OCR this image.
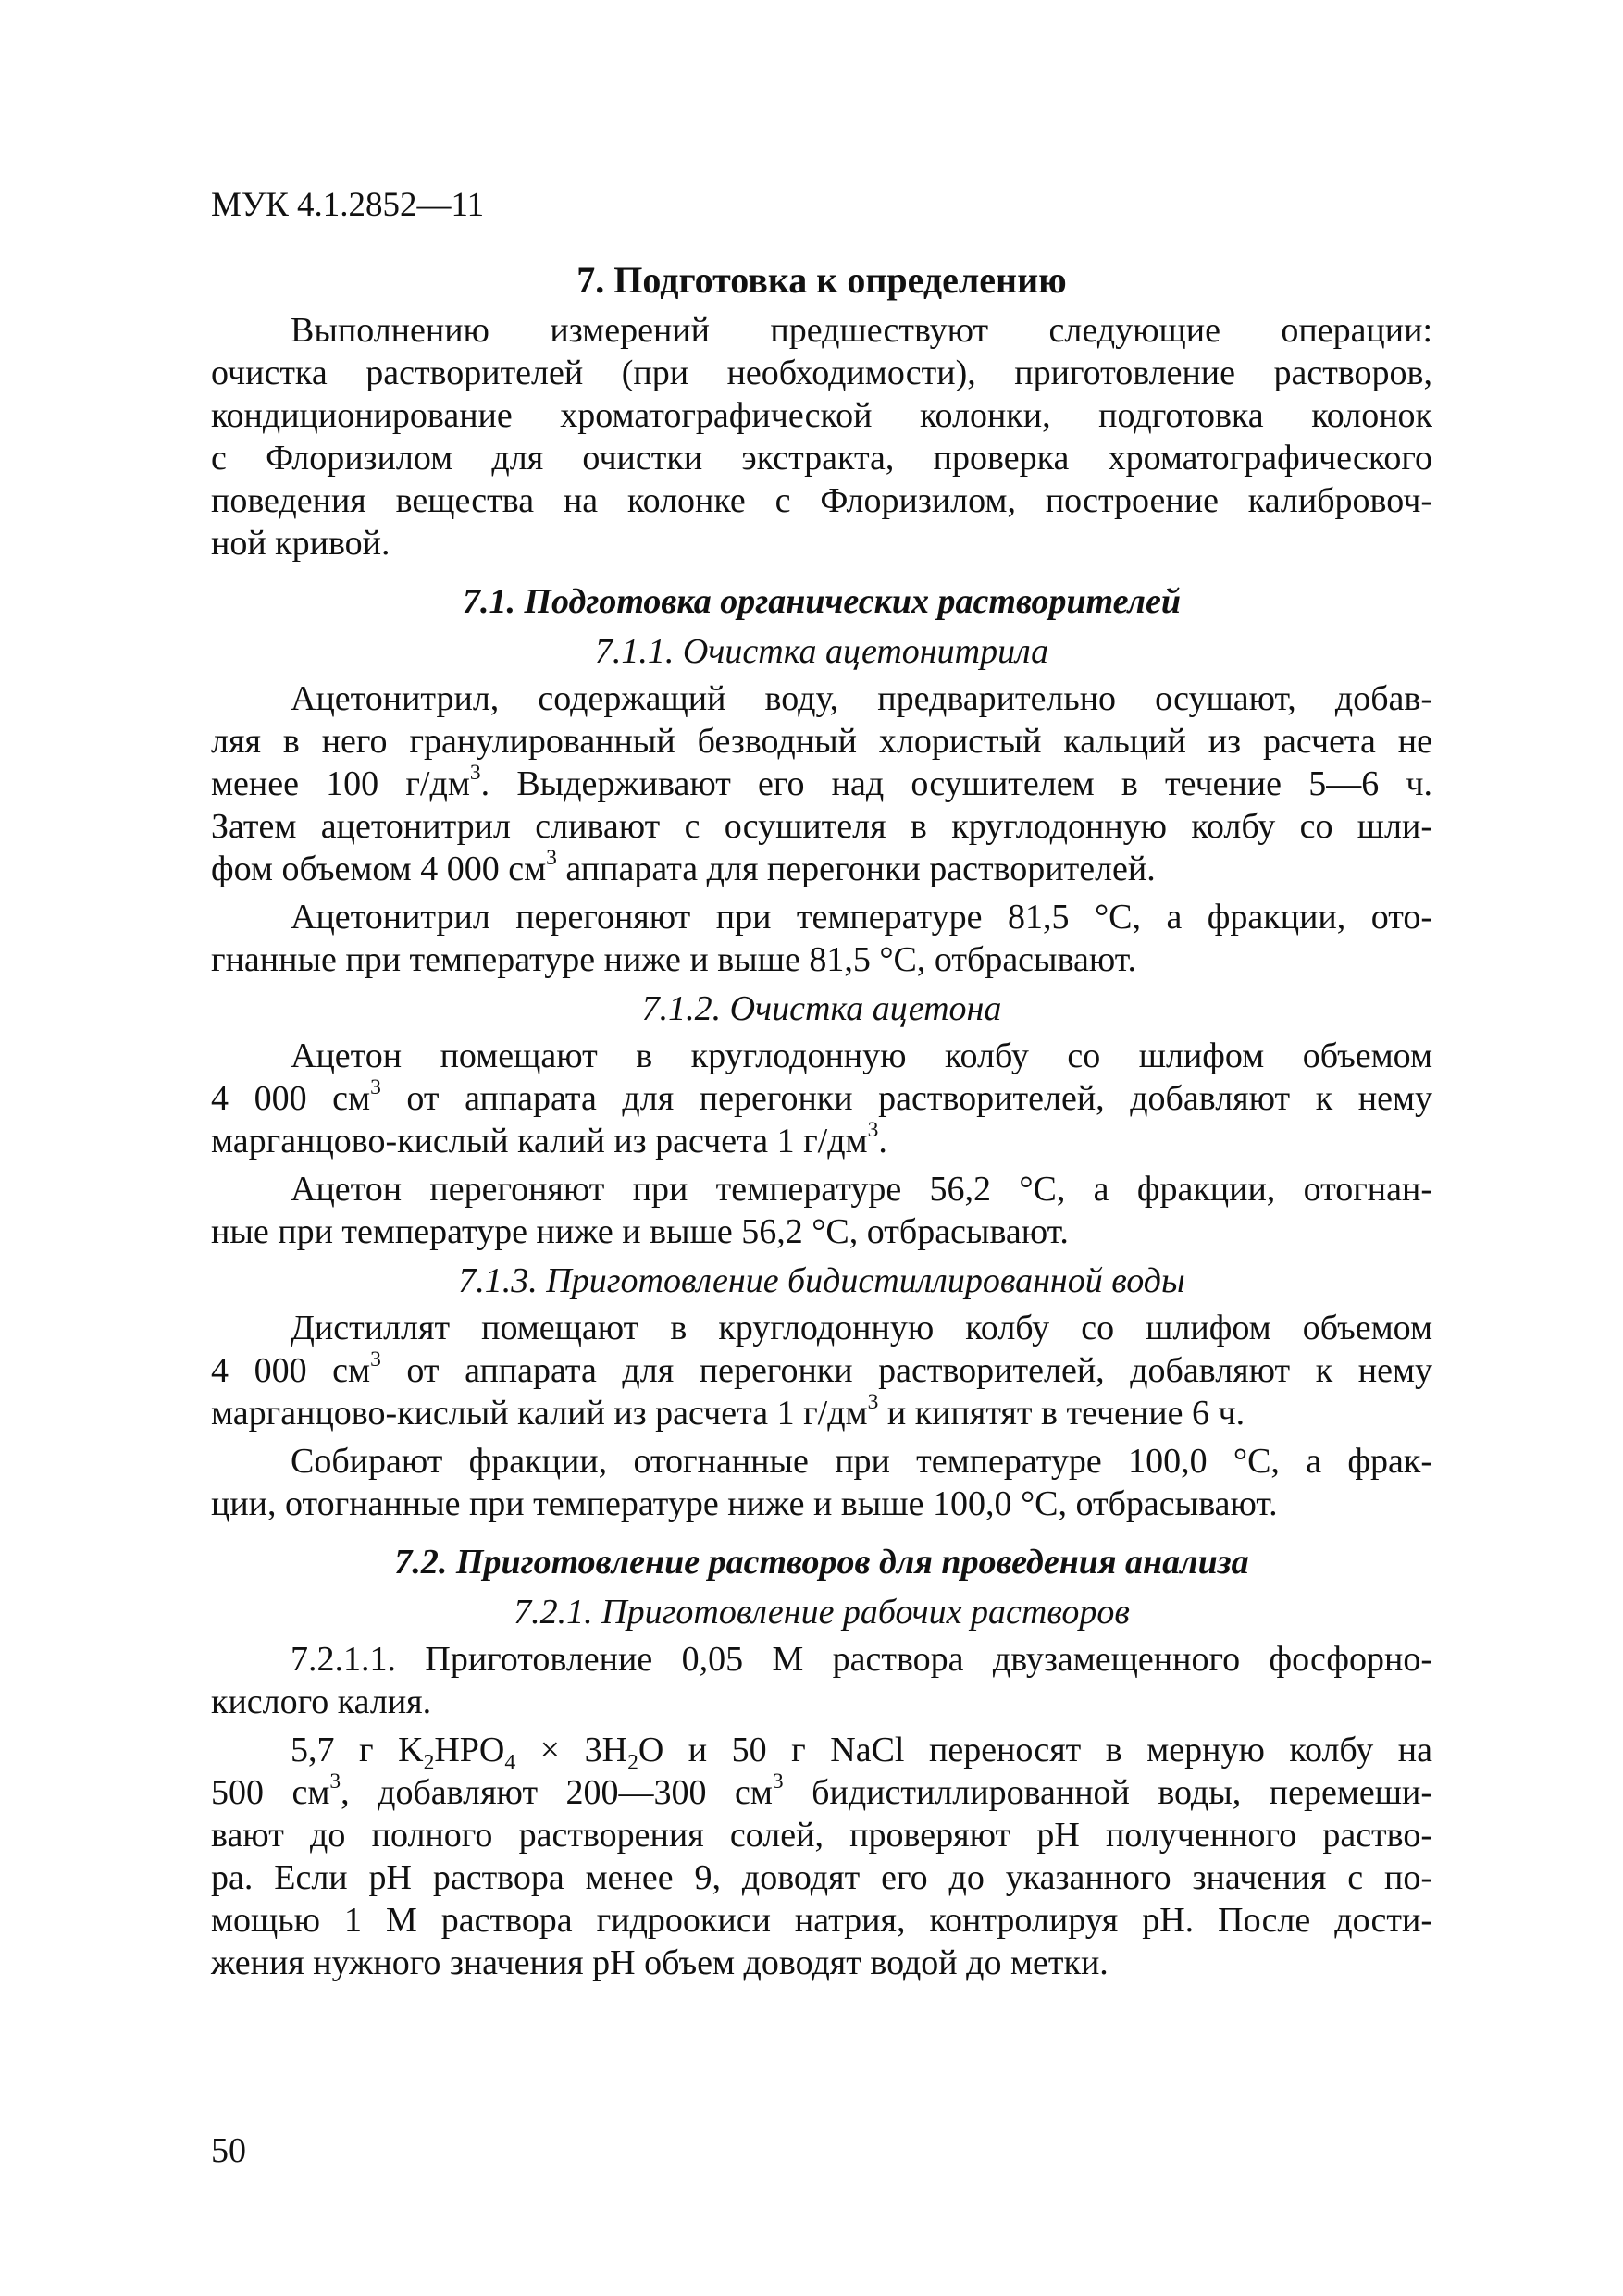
МУК 4.1.2852—11
7. Подготовка к определению
Выполнению измерений предшествуют следующие операции:
очистка растворителей (при необходимости), приготовление растворов,
кондиционирование хроматографической колонки, подготовка колонок
с Флоризилом для очистки экстракта, проверка хроматографического
поведения вещества на колонке с Флоризилом, построение калибровоч-
ной кривой.
7.1. Подготовка органических растворителей
7.1.1. Очистка ацетонитрила
Ацетонитрил, содержащий воду, предварительно осушают, добав-
ляя в него гранулированный безводный хлористый кальций из расчета не
менее 100 $г/дм^3$. Выдерживают его над осушителем в течение 5—6 ч.
Затем ацетонитрил сливают с осушителя в круглодонную колбу со шли-
фом объемом 4 000 $см^3$ аппарата для перегонки растворителей.
Ацетонитрил перегоняют при температуре 81,5 °С, а фракции, ото-
гнанные при температуре ниже и выше 81,5 °С, отбрасывают.
7.1.2. Очистка ацетона
Ацетон помещают в круглодонную колбу со шлифом объемом
4 000 $см^3$ от аппарата для перегонки растворителей, добавляют к нему
марганцово-кислый калий из расчета 1 $г/дм^3$.
Ацетон перегоняют при температуре 56,2 °С, а фракции, отогнан-
ные при температуре ниже и выше 56,2 °С, отбрасывают.
7.1.3. Приготовление бидистиллированной воды
Дистиллят помещают в круглодонную колбу со шлифом объемом
4 000 $см^3$ от аппарата для перегонки растворителей, добавляют к нему
марганцово-кислый калий из расчета 1 $г/дм^3$ и кипятят в течение 6 ч.
Собирают фракции, отогнанные при температуре 100,0 °С, а фрак-
ции, отогнанные при температуре ниже и выше 100,0 °С, отбрасывают.
7.2. Приготовление растворов для проведения анализа
7.2.1. Приготовление рабочих растворов
7.2.1.1. Приготовление 0,05 М раствора двузамещенного фосфорно-
кислого калия.
5,7 г $K_2HPO_4 \times 3H_2O$ и 50 г NaCl переносят в мерную колбу на
500 $см^3$, добавляют 200—300 $см^3$ бидистиллированной воды, перемеши-
вают до полного растворения солей, проверяют pH полученного раство-
ра. Если pH раствора менее 9, доводят его до указанного значения с по-
мощью 1 М раствора гидроокиси натрия, контролируя pH. После дости-
жения нужного значения pH объем доводят водой до метки.
50
